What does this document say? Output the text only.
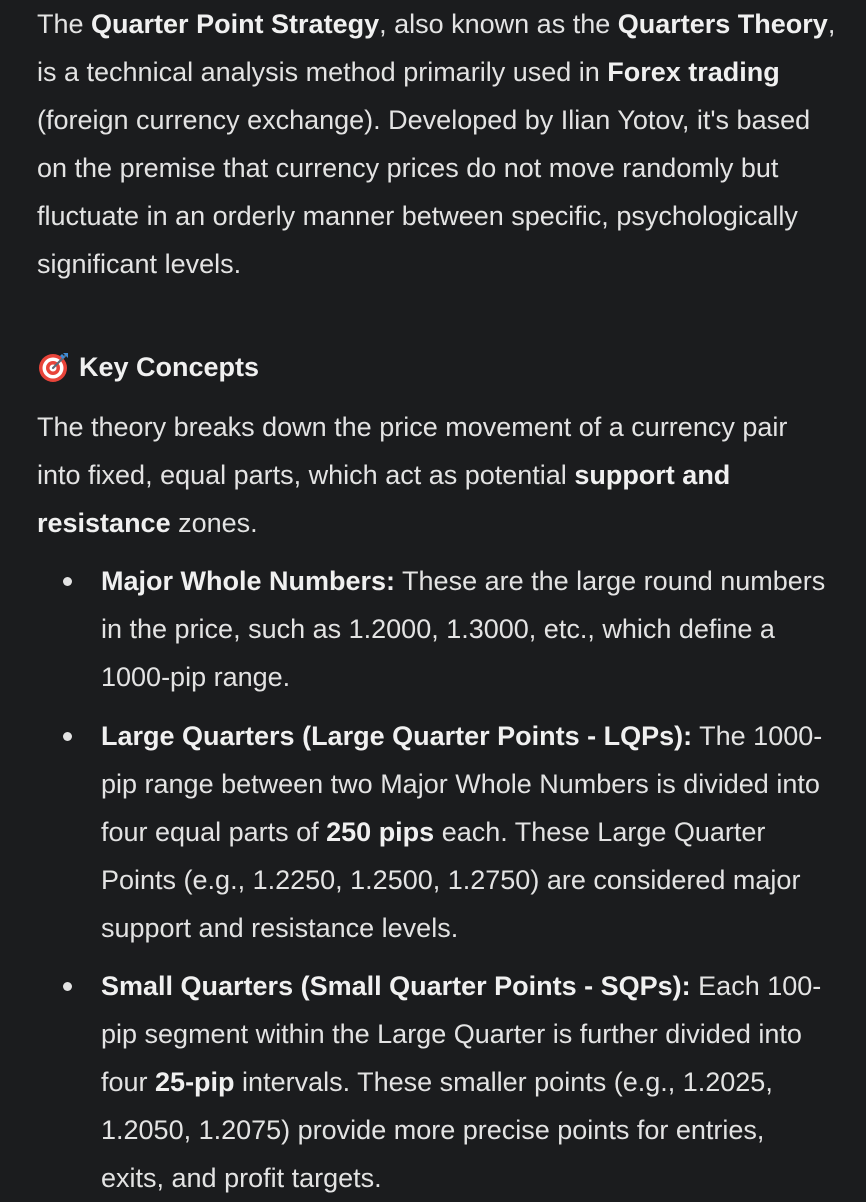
The Quarter Point Strategy, also known as the Quarters Theory, is a technical analysis method primarily used in Forex trading (foreign currency exchange). Developed by Ilian Yotov, it's based on the premise that currency prices do not move randomly but fluctuate in an orderly manner between specific, psychologically significant levels.

Key Concepts

The theory breaks down the price movement of a currency pair into fixed, equal parts, which act as potential support and resistance zones.

Major Whole Numbers: These are the large round numbers in the price, such as 1.2000, 1.3000, etc., which define a 1000-pip range.

Large Quarters (Large Quarter Points - LQPs): The 1000-pip range between two Major Whole Numbers is divided into four equal parts of 250 pips each. These Large Quarter Points (e.g., 1.2250, 1.2500, 1.2750) are considered major support and resistance levels.

Small Quarters (Small Quarter Points - SQPs): Each 100-pip segment within the Large Quarter is further divided into four 25-pip intervals. These smaller points (e.g., 1.2025, 1.2050, 1.2075) provide more precise points for entries, exits, and profit targets.
